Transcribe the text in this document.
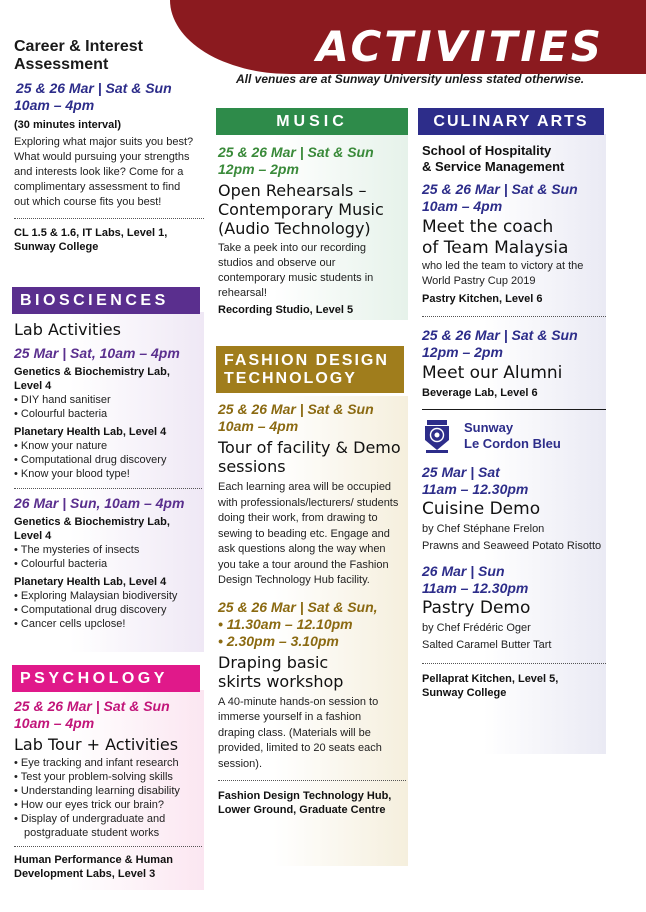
ACTIVITIES
All venues are at Sunway University unless stated otherwise.
Career & Interest
Assessment
25 & 26 Mar | Sat & Sun
10am – 4pm
(30 minutes interval)
Exploring what major suits you best? What would pursuing your strengths and interests look like? Come for a complimentary assessment to find out which course fits you best!
CL 1.5 & 1.6, IT Labs, Level 1,
Sunway College
BIOSCIENCES
Lab Activities
25 Mar | Sat, 10am – 4pm
Genetics & Biochemistry Lab,
Level 4
• DIY hand sanitiser
• Colourful bacteria
Planetary Health Lab, Level 4
• Know your nature
• Computational drug discovery
• Know your blood type!
26 Mar | Sun, 10am – 4pm
Genetics & Biochemistry Lab,
Level 4
• The mysteries of insects
• Colourful bacteria
Planetary Health Lab, Level 4
• Exploring Malaysian biodiversity
• Computational drug discovery
• Cancer cells upclose!
PSYCHOLOGY
25 & 26 Mar | Sat & Sun
10am – 4pm
Lab Tour + Activities
• Eye tracking and infant research
• Test your problem-solving skills
• Understanding learning disability
• How our eyes trick our brain?
• Display of undergraduate and
postgraduate student works
Human Performance & Human
Development Labs, Level 3
MUSIC
25 & 26 Mar | Sat & Sun
12pm – 2pm
Open Rehearsals –
Contemporary Music
(Audio Technology)
Take a peek into our recording studios and observe our contemporary music students in rehearsal!
Recording Studio, Level 5
FASHION DESIGN
TECHNOLOGY
25 & 26 Mar | Sat & Sun
10am – 4pm
Tour of facility & Demo
sessions
Each learning area will be occupied with professionals/lecturers/ students doing their work, from drawing to sewing to beading etc. Engage and ask questions along the way when you take a tour around the Fashion Design Technology Hub facility.
25 & 26 Mar | Sat & Sun,
• 11.30am – 12.10pm
• 2.30pm – 3.10pm
Draping basic
skirts workshop
A 40-minute hands-on session to immerse yourself in a fashion draping class. (Materials will be provided, limited to 20 seats each session).
Fashion Design Technology Hub,
Lower Ground, Graduate Centre
CULINARY ARTS
School of Hospitality
& Service Management
25 & 26 Mar | Sat & Sun
10am – 4pm
Meet the coach
of Team Malaysia
who led the team to victory at the World Pastry Cup 2019
Pastry Kitchen, Level 6
25 & 26 Mar | Sat & Sun
12pm – 2pm
Meet our Alumni
Beverage Lab, Level 6
Sunway
Le Cordon Bleu
25 Mar | Sat
11am – 12.30pm
Cuisine Demo
by Chef Stéphane Frelon
Prawns and Seaweed Potato Risotto
26 Mar | Sun
11am – 12.30pm
Pastry Demo
by Chef Frédéric Oger
Salted Caramel Butter Tart
Pellaprat Kitchen, Level 5,
Sunway College
